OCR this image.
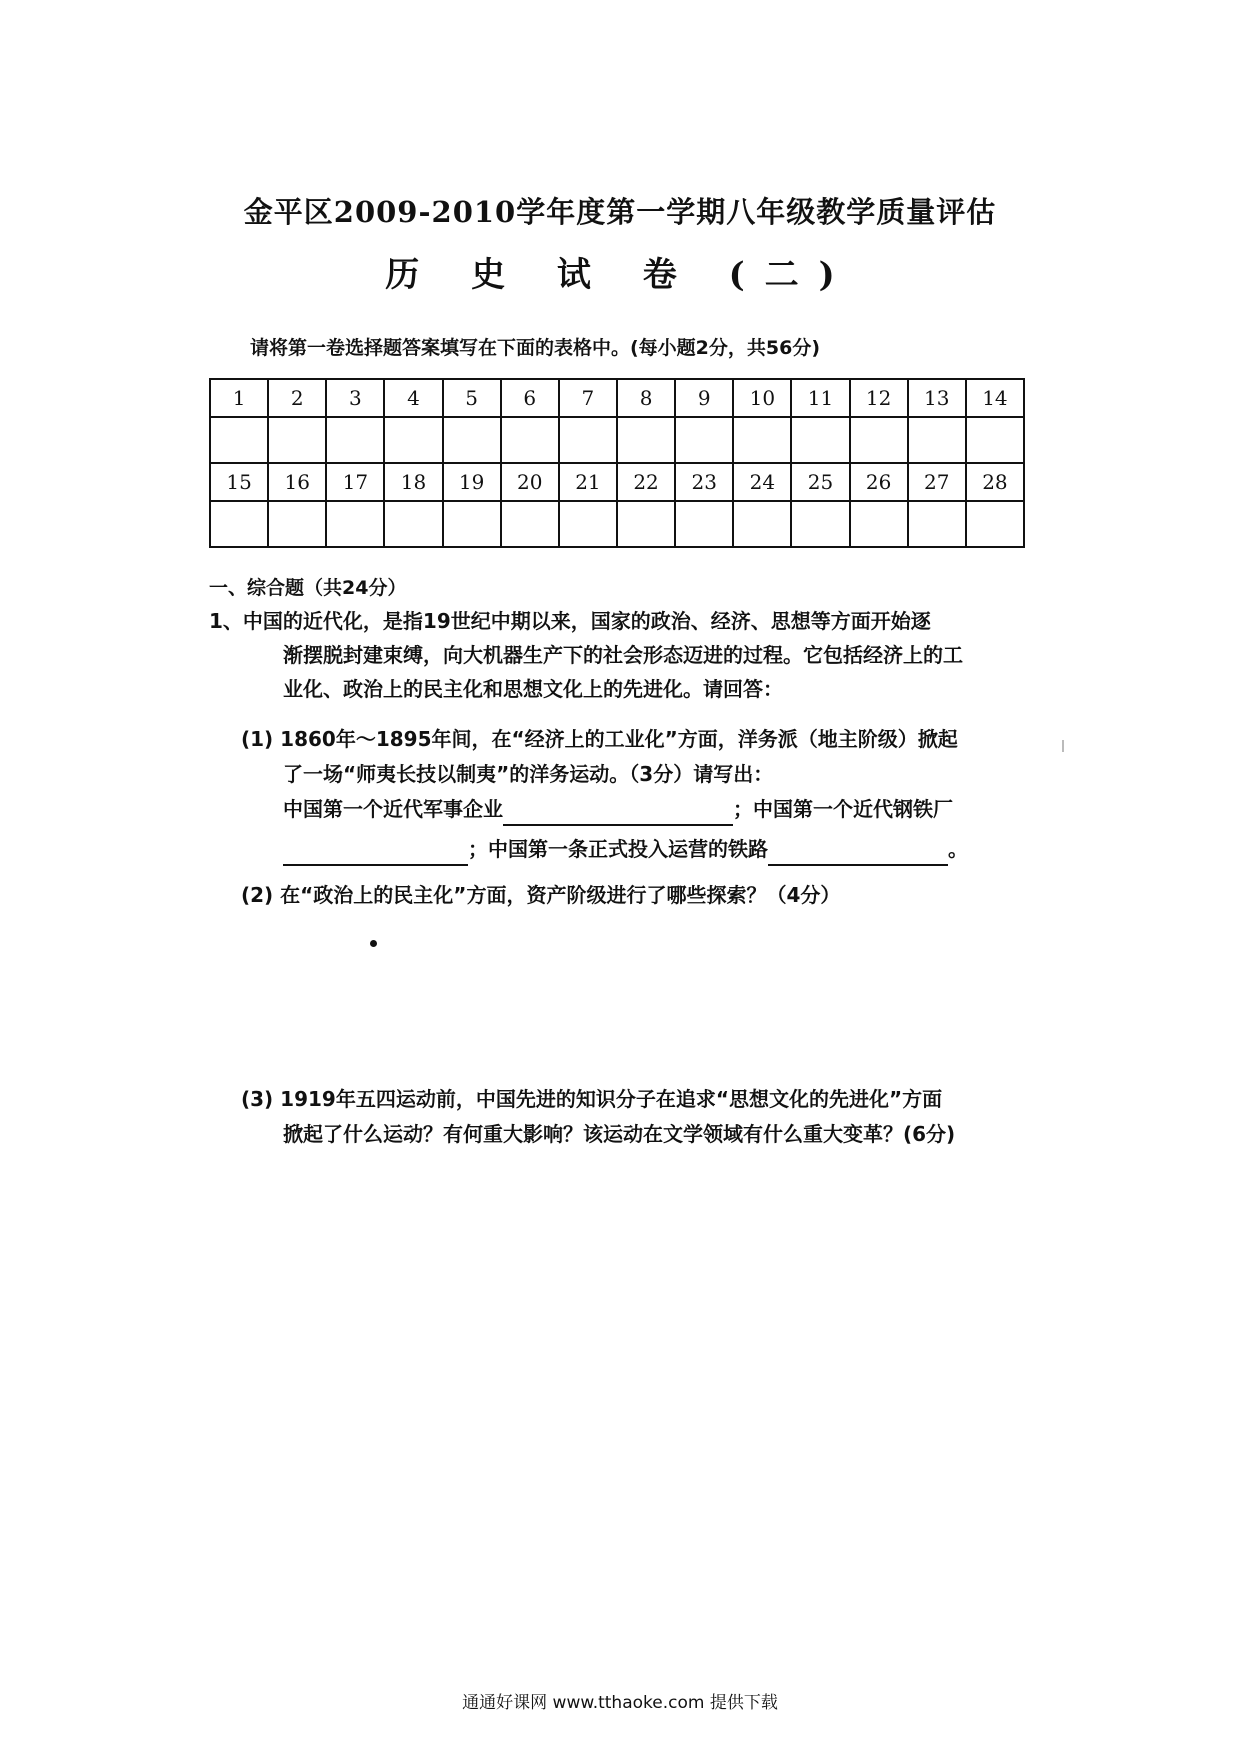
金平区2009-2010学年度第一学期八年级教学质量评估
历 史 试 卷 (二)
请将第一卷选择题答案填写在下面的表格中。(每小题2分，共56分)
1	2	3	4	5	6	7	8	9	10	11	12	13	14

15	16	17	18	19	20	21	22	23	24	25	26	27	28

一、综合题（共24分）
1、中国的近代化，是指19世纪中期以来，国家的政治、经济、思想等方面开始逐
渐摆脱封建束缚，向大机器生产下的社会形态迈进的过程。它包括经济上的工
业化、政治上的民主化和思想文化上的先进化。请回答：
(1) 1860年～1895年间，在“经济上的工业化”方面，洋务派（地主阶级）掀起
了一场“师夷长技以制夷”的洋务运动。（3分）请写出：
中国第一个近代军事企业	；中国第一个近代钢铁厂
；中国第一条正式投入运营的铁路	。
(2) 在“政治上的民主化”方面，资产阶级进行了哪些探索？（4分）
(3) 1919年五四运动前，中国先进的知识分子在追求“思想文化的先进化”方面
掀起了什么运动？有何重大影响？该运动在文学领域有什么重大变革？(6分)
通通好课网 www.tthaoke.com 提供下载
